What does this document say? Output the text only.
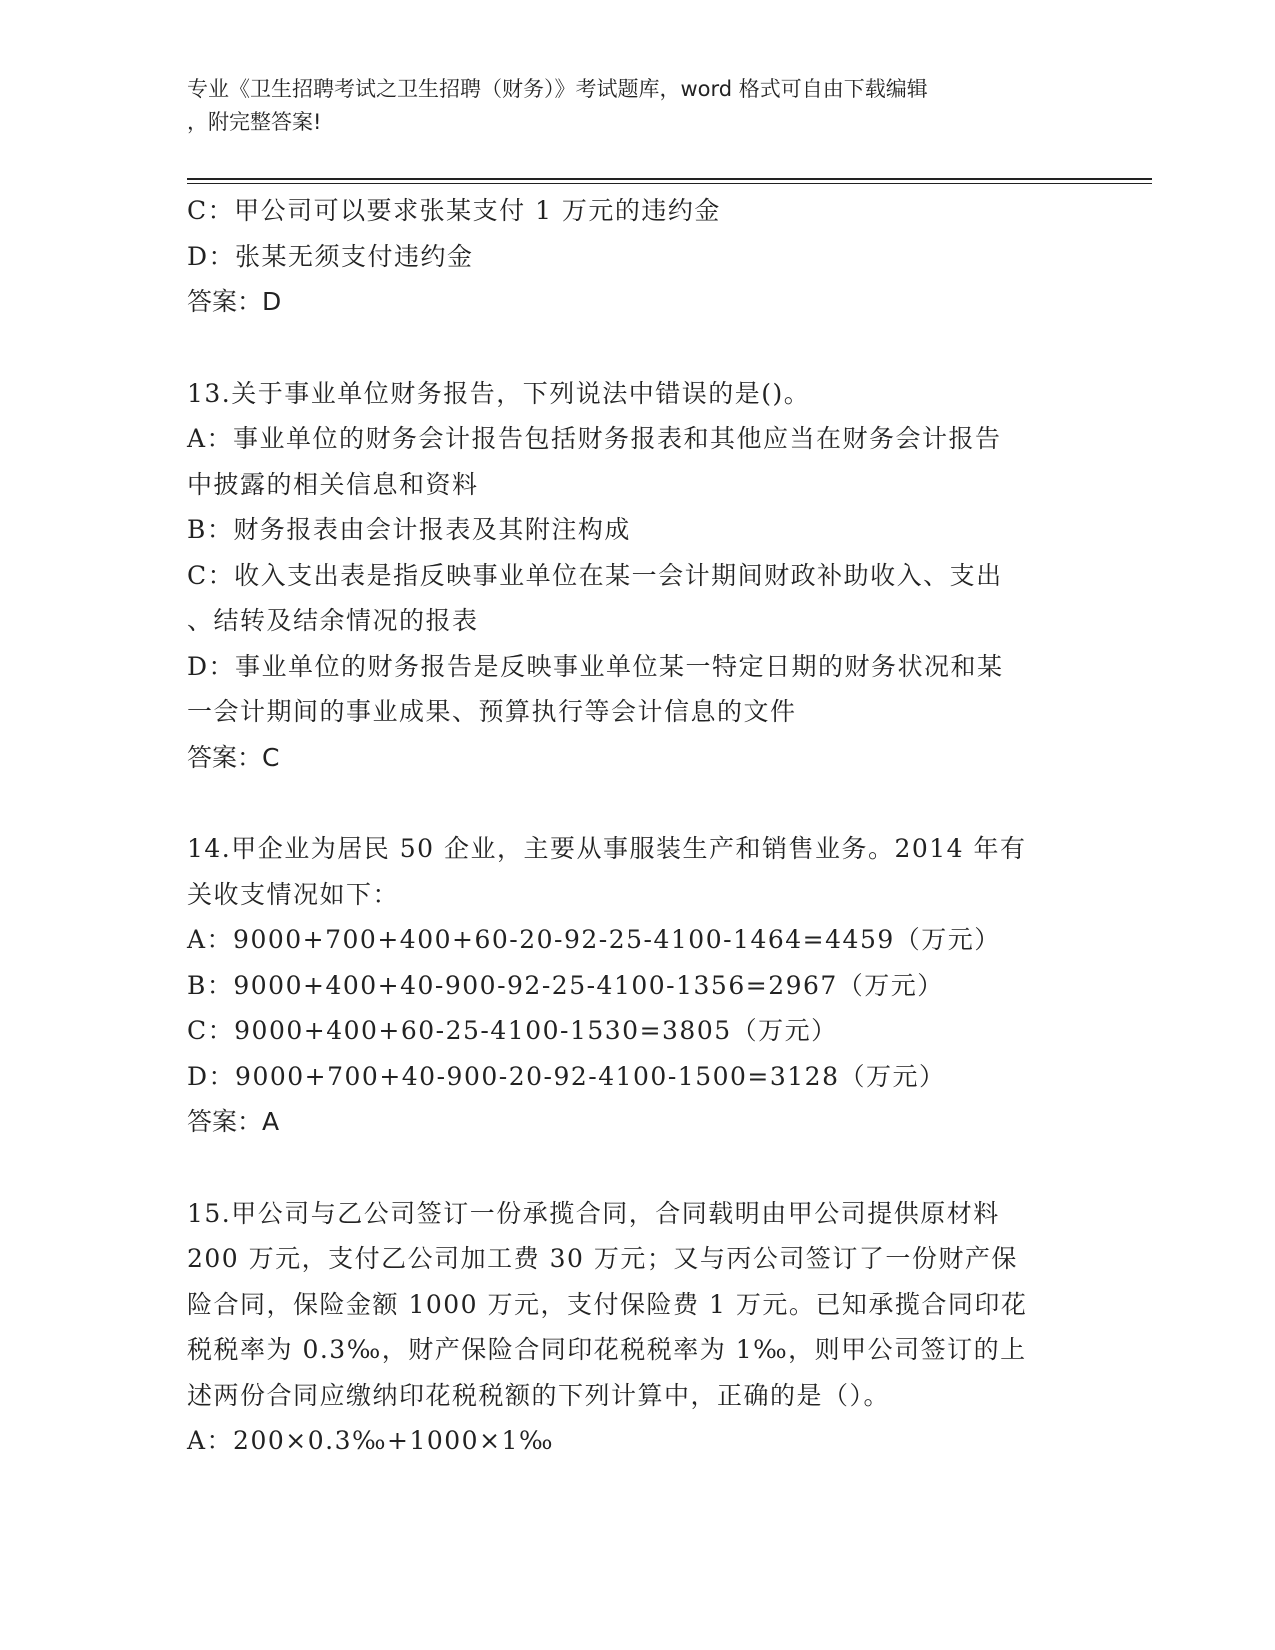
专业《卫生招聘考试之卫生招聘（财务）》考试题库，word 格式可自由下载编辑
，附完整答案!
C：甲公司可以要求张某支付 1 万元的违约金
D：张某无须支付违约金
答案：D
13.关于事业单位财务报告，下列说法中错误的是()。
A：事业单位的财务会计报告包括财务报表和其他应当在财务会计报告
中披露的相关信息和资料
B：财务报表由会计报表及其附注构成
C：收入支出表是指反映事业单位在某一会计期间财政补助收入、支出
、结转及结余情况的报表
D：事业单位的财务报告是反映事业单位某一特定日期的财务状况和某
一会计期间的事业成果、预算执行等会计信息的文件
答案：C
14.甲企业为居民 50 企业，主要从事服装生产和销售业务。2014 年有
关收支情况如下：
A：9000+700+400+60-20-92-25-4100-1464=4459（万元）
B：9000+400+40-900-92-25-4100-1356=2967（万元）
C：9000+400+60-25-4100-1530=3805（万元）
D：9000+700+40-900-20-92-4100-1500=3128（万元）
答案：A
15.甲公司与乙公司签订一份承揽合同，合同载明由甲公司提供原材料
200 万元，支付乙公司加工费 30 万元；又与丙公司签订了一份财产保
险合同，保险金额 1000 万元，支付保险费 1 万元。已知承揽合同印花
税税率为 0.3‰，财产保险合同印花税税率为 1‰，则甲公司签订的上
述两份合同应缴纳印花税税额的下列计算中，正确的是（）。
A：200×0.3‰+1000×1‰
